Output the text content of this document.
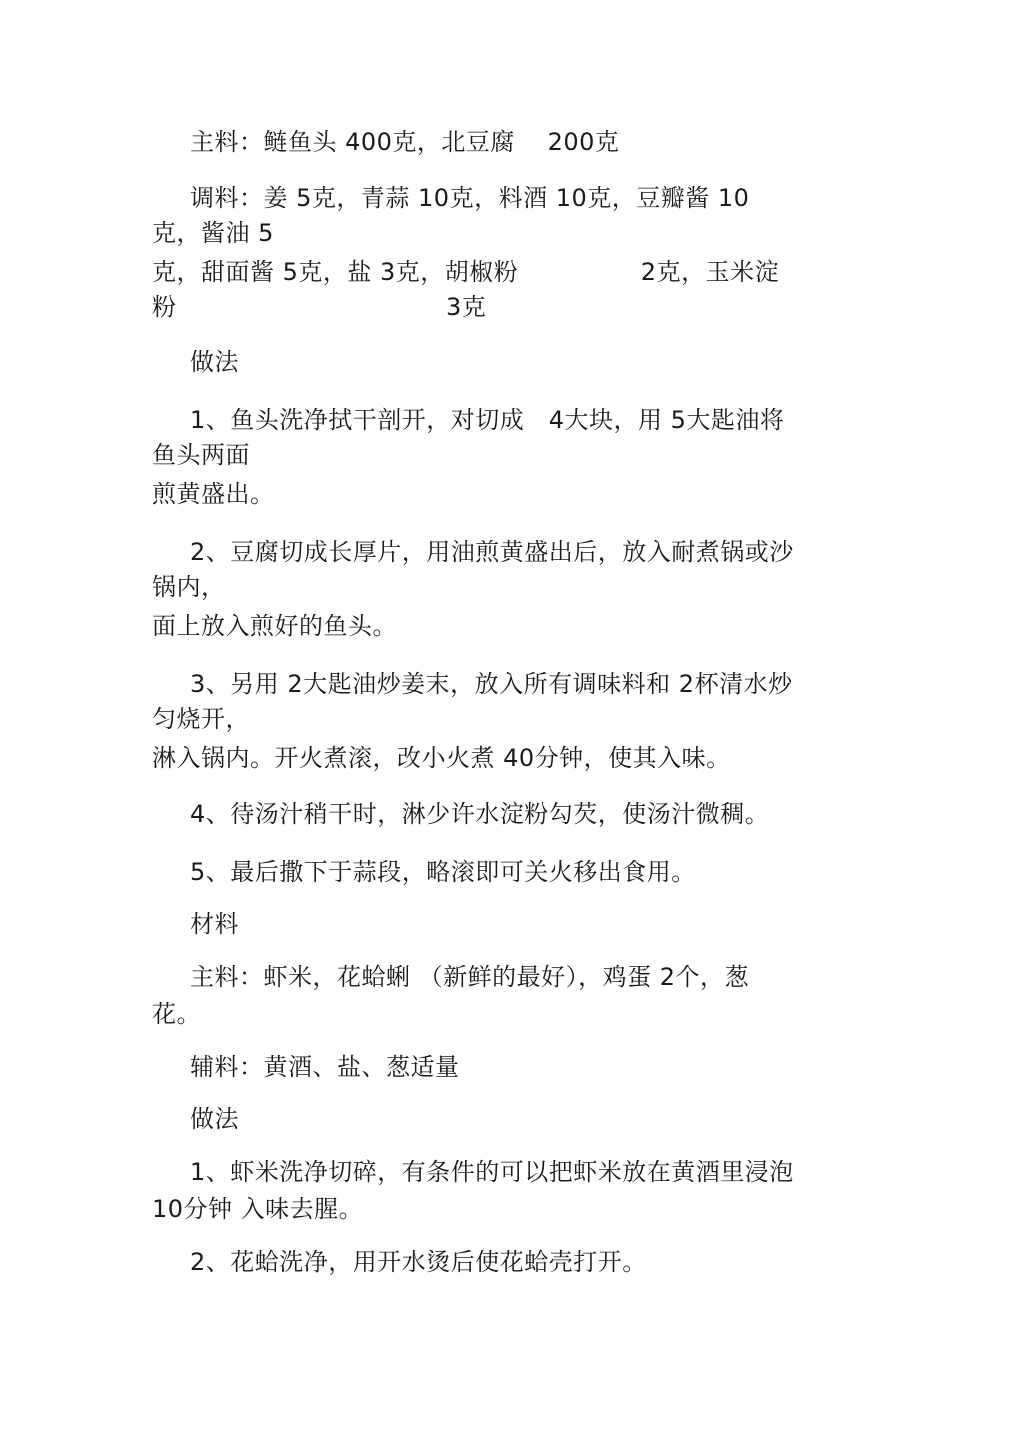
主料：鲢鱼头 400克，北豆腐　 200克
调料：姜 5克，青蒜 10克，料酒 10克，豆瓣酱 10
克，酱油 5
克，甜面酱 5克，盐 3克，胡椒粉　　　　　2克，玉米淀
粉　　　　　　　　　　　3克
做法
1、鱼头洗净拭干剖开，对切成　4大块，用 5大匙油将
鱼头两面
煎黄盛出。
2、豆腐切成长厚片，用油煎黄盛出后，放入耐煮锅或沙
锅内，
面上放入煎好的鱼头。
3、另用 2大匙油炒姜末，放入所有调味料和 2杯清水炒
匀烧开，
淋入锅内。开火煮滚，改小火煮 40分钟，使其入味。
4、待汤汁稍干时，淋少许水淀粉勾芡，使汤汁微稠。
5、最后撒下于蒜段，略滚即可关火移出食用。
材料
主料：虾米，花蛤蜊 （新鲜的最好），鸡蛋 2个，葱
花。
辅料：黄酒、盐、葱适量
做法
1、虾米洗净切碎，有条件的可以把虾米放在黄酒里浸泡
10分钟 入味去腥。
2、花蛤洗净，用开水烫后使花蛤壳打开。
